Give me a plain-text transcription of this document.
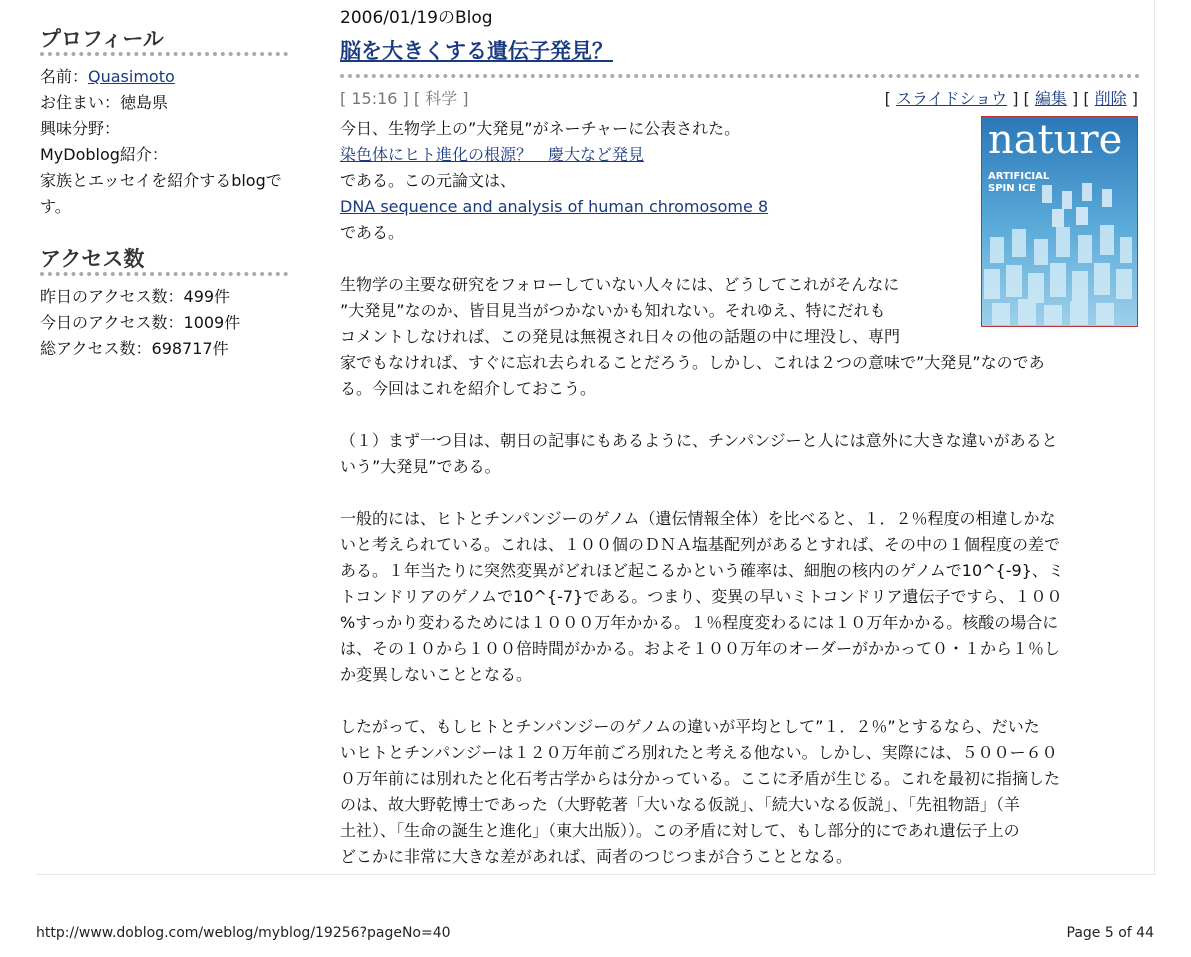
プロフィール
名前：Quasimoto
お住まい：徳島県
興味分野：
MyDoblog紹介：
家族とエッセイを紹介するblogです。
アクセス数
昨日のアクセス数：499件
今日のアクセス数：1009件
総アクセス数：698717件
2006/01/19のBlog
脳を大きくする遺伝子発見？
[ 15:16 ] [ 科学 ]	[ スライドショウ ] [ 編集 ] [ 削除 ]
nature
ARTIFICIAL
SPIN ICE

今日、生物学上の”大発見”がネーチャーに公表された。

染色体にヒト進化の根源？　慶大など発見

である。この元論文は、

DNA sequence and analysis of human chromosome 8

である。

生物学の主要な研究をフォローしていない人々には、どうしてこれがそんなに

”大発見”なのか、皆目見当がつかないかも知れない。それゆえ、特にだれも

コメントしなければ、この発見は無視され日々の他の話題の中に埋没し、専門

家でもなければ、すぐに忘れ去られることだろう。しかし、これは２つの意味で”大発見”なのであ

る。今回はこれを紹介しておこう。

（１）まず一つ目は、朝日の記事にもあるように、チンパンジーと人には意外に大きな違いがあると

いう”大発見”である。

一般的には、ヒトとチンパンジーのゲノム（遺伝情報全体）を比べると、１．２％程度の相違しかな

いと考えられている。これは、１００個のＤＮＡ塩基配列があるとすれば、その中の１個程度の差で

ある。１年当たりに突然変異がどれほど起こるかという確率は、細胞の核内のゲノムで10^{-9}、ミ

トコンドリアのゲノムで10^{-7}である。つまり、変異の早いミトコンドリア遺伝子ですら、１００

%すっかり変わるためには１０００万年かかる。１％程度変わるには１０万年かかる。核酸の場合に

は、その１０から１００倍時間がかかる。およそ１００万年のオーダーがかかって０・１から１％し

か変異しないこととなる。

したがって、もしヒトとチンパンジーのゲノムの違いが平均として”１．２％”とするなら、だいた

いヒトとチンパンジーは１２０万年前ごろ別れたと考える他ない。しかし、実際には、５００ー６０

０万年前には別れたと化石考古学からは分かっている。ここに矛盾が生じる。これを最初に指摘した

のは、故大野乾博士であった（大野乾著「大いなる仮説」、「続大いなる仮説」、「先祖物語」（羊

土社）、「生命の誕生と進化」（東大出版））。この矛盾に対して、もし部分的にであれ遺伝子上の

どこかに非常に大きな差があれば、両者のつじつまが合うこととなる。

http://www.doblog.com/weblog/myblog/19256?pageNo=40	Page 5 of 44
